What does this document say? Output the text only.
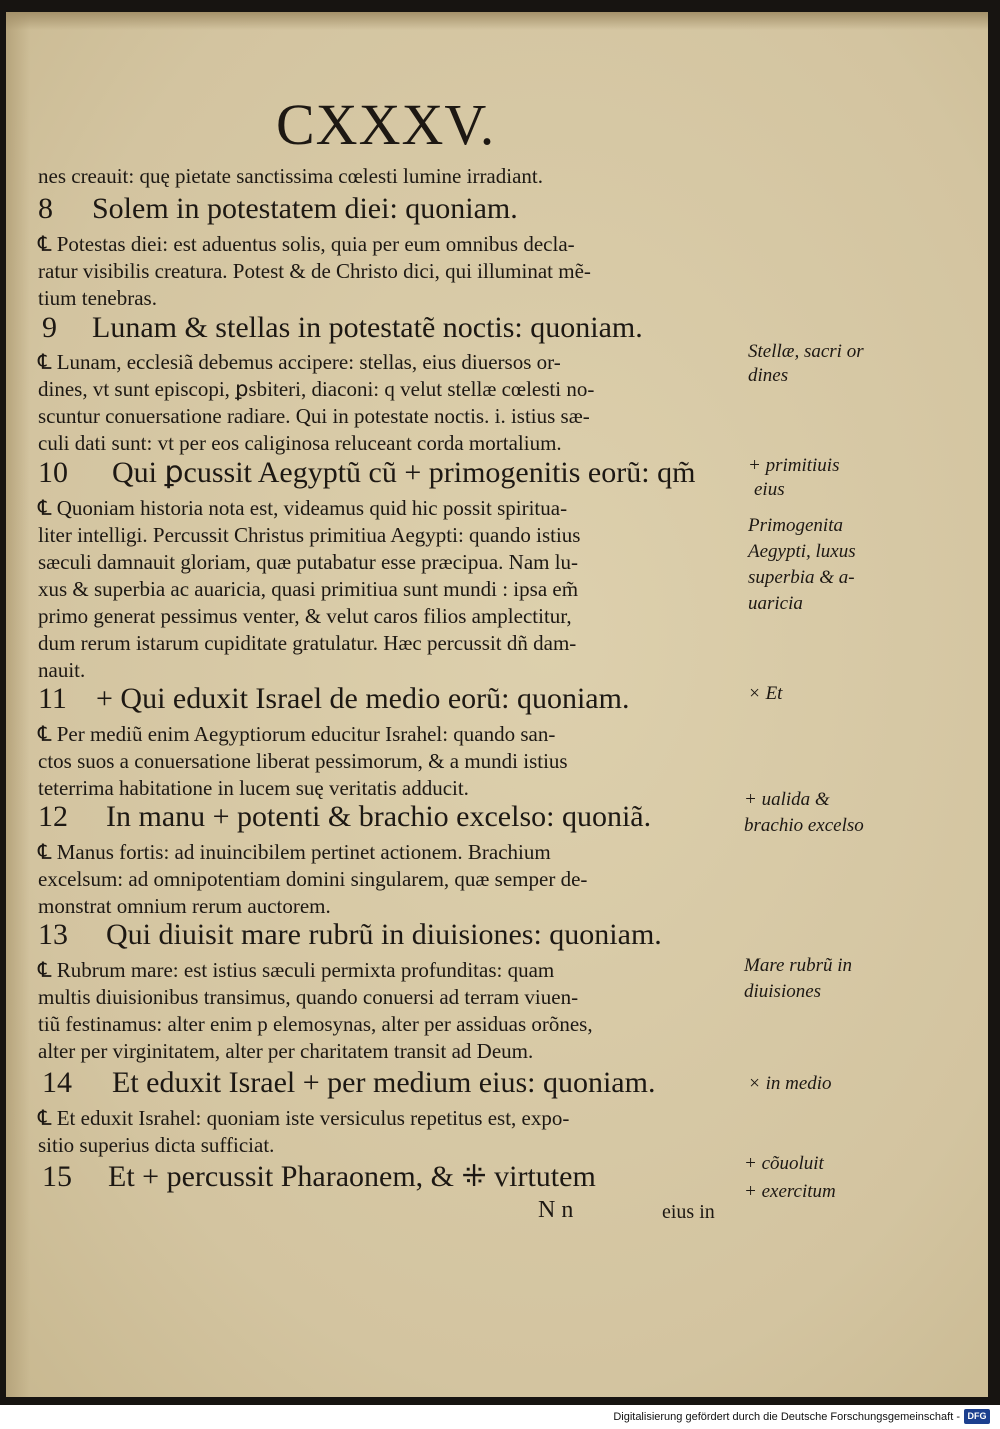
CXXXV.
nes creauit: quę pietate sanctissima cœlesti lumine irradiant.
8 Solem in potestatem diei: quoniam.
℄ Potestas diei: est aduentus solis, quia per eum omnibus decla-
ratur visibilis creatura. Potest & de Christo dici, qui illuminat mẽ-
tium tenebras.
9 Lunam & stellas in potestatẽ noctis: quoniam.
℄ Lunam, ecclesiã debemus accipere: stellas, eius diuersos or-
dines, vt sunt episcopi, ꝑsbiteri, diaconi: q velut stellæ cœlesti no-
scuntur conuersatione radiare. Qui in potestate noctis. i. istius sæ-
culi dati sunt: vt per eos caliginosa reluceant corda mortalium.
10 Qui ꝑcussit Aegyptũ cũ + primogenitis eorũ: qm̃
℄ Quoniam historia nota est, videamus quid hic possit spiritua-
liter intelligi. Percussit Christus primitiua Aegypti: quando istius
sæculi damnauit gloriam, quæ putabatur esse præcipua. Nam lu-
xus & superbia ac auaricia, quasi primitiua sunt mundi : ipsa em̃
primo generat pessimus venter, & velut caros filios amplectitur,
dum rerum istarum cupiditate gratulatur. Hæc percussit dñ dam-
nauit.
11 + Qui eduxit Israel de medio eorũ: quoniam.
℄ Per mediũ enim Aegyptiorum educitur Israhel: quando san-
ctos suos a conuersatione liberat pessimorum, & a mundi istius
teterrima habitatione in lucem suę veritatis adducit.
12 In manu + potenti & brachio excelso: quoniã.
℄ Manus fortis: ad inuincibilem pertinet actionem. Brachium
excelsum: ad omnipotentiam domini singularem, quæ semper de-
monstrat omnium rerum auctorem.
13 Qui diuisit mare rubrũ in diuisiones: quoniam.
℄ Rubrum mare: est istius sæculi permixta profunditas: quam
multis diuisionibus transimus, quando conuersi ad terram viuen-
tiũ festinamus: alter enim p elemosynas, alter per assiduas orõnes,
alter per virginitatem, alter per charitatem transit ad Deum.
14 Et eduxit Israel + per medium eius: quoniam.
℄ Et eduxit Israhel: quoniam iste versiculus repetitus est, expo-
sitio superius dicta sufficiat.
15 Et + percussit Pharaonem, & ⁜ virtutem
N n	eius in
Stellæ, sacri or
dines
+ primitiuis
eius
Primogenita
Aegypti, luxus
superbia & a-
uaricia
× Et
+ ualida &
brachio excelso
Mare rubrũ in
diuisiones
× in medio
+ cõuoluit
+ exercitum
Digitalisierung gefördert durch die Deutsche Forschungsgemeinschaft - DFG
